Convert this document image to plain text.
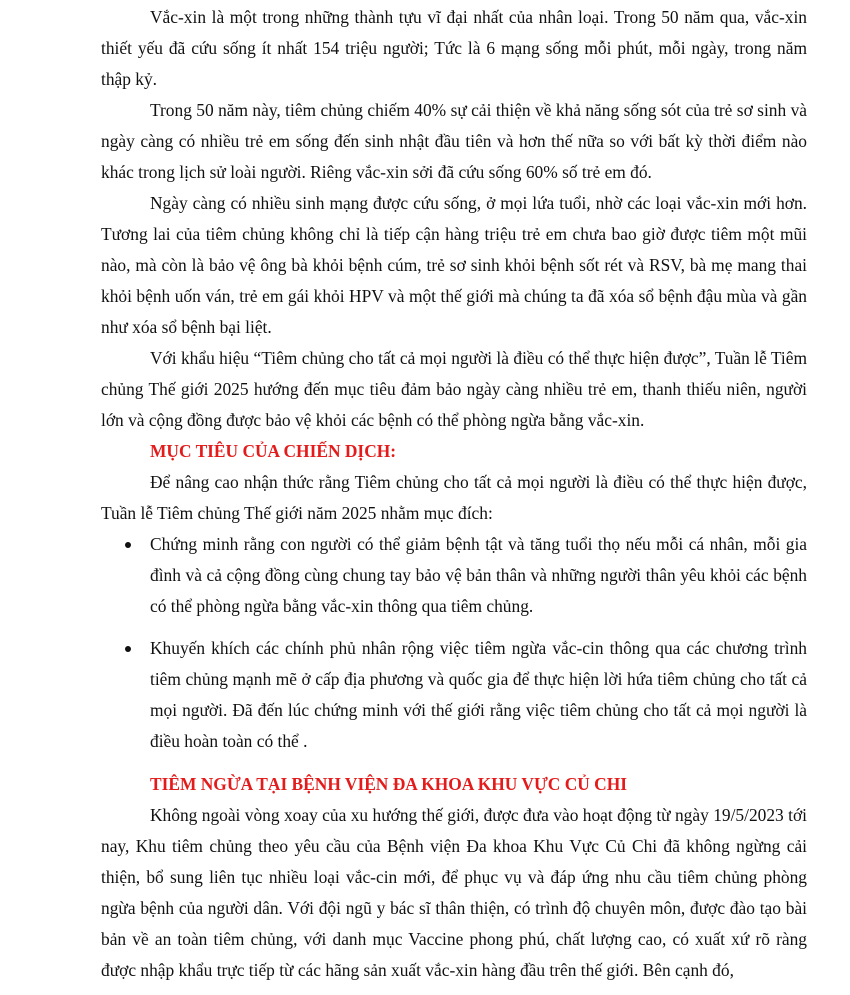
Vắc-xin là một trong những thành tựu vĩ đại nhất của nhân loại. Trong 50 năm qua, vắc-xin thiết yếu đã cứu sống ít nhất 154 triệu người; Tức là 6 mạng sống mỗi phút, mỗi ngày, trong năm thập kỷ.

Trong 50 năm này, tiêm chủng chiếm 40% sự cải thiện về khả năng sống sót của trẻ sơ sinh và ngày càng có nhiều trẻ em sống đến sinh nhật đầu tiên và hơn thế nữa so với bất kỳ thời điểm nào khác trong lịch sử loài người. Riêng vắc-xin sởi đã cứu sống 60% số trẻ em đó.

Ngày càng có nhiều sinh mạng được cứu sống, ở mọi lứa tuổi, nhờ các loại vắc-xin mới hơn. Tương lai của tiêm chủng không chỉ là tiếp cận hàng triệu trẻ em chưa bao giờ được tiêm một mũi nào, mà còn là bảo vệ ông bà khỏi bệnh cúm, trẻ sơ sinh khỏi bệnh sốt rét và RSV, bà mẹ mang thai khỏi bệnh uốn ván, trẻ em gái khỏi HPV và một thế giới mà chúng ta đã xóa sổ bệnh đậu mùa và gần như xóa sổ bệnh bại liệt.

Với khẩu hiệu “Tiêm chủng cho tất cả mọi người là điều có thể thực hiện được”, Tuần lễ Tiêm chủng Thế giới 2025 hướng đến mục tiêu đảm bảo ngày càng nhiều trẻ em, thanh thiếu niên, người lớn và cộng đồng được bảo vệ khỏi các bệnh có thể phòng ngừa bằng vắc-xin.

MỤC TIÊU CỦA CHIẾN DỊCH:

Để nâng cao nhận thức rằng Tiêm chủng cho tất cả mọi người là điều có thể thực hiện được, Tuần lễ Tiêm chủng Thế giới năm 2025 nhằm mục đích:

Chứng minh rằng con người có thể giảm bệnh tật và tăng tuổi thọ nếu mỗi cá nhân, mỗi gia đình và cả cộng đồng cùng chung tay bảo vệ bản thân và những người thân yêu khỏi các bệnh có thể phòng ngừa bằng vắc-xin thông qua tiêm chủng.

Khuyến khích các chính phủ nhân rộng việc tiêm ngừa vắc-cin thông qua các chương trình tiêm chủng mạnh mẽ ở cấp địa phương và quốc gia để thực hiện lời hứa tiêm chủng cho tất cả mọi người. Đã đến lúc chứng minh với thế giới rằng việc tiêm chủng cho tất cả mọi người là điều hoàn toàn có thể .

TIÊM NGỪA TẠI BỆNH VIỆN ĐA KHOA KHU VỰC CỦ CHI

Không ngoài vòng xoay của xu hướng thế giới, được đưa vào hoạt động từ ngày 19/5/2023 tới nay, Khu tiêm chủng theo yêu cầu của Bệnh viện Đa khoa Khu Vực Củ Chi đã không ngừng cải thiện, bổ sung liên tục nhiều loại vắc-cin mới, để phục vụ và đáp ứng nhu cầu tiêm chủng phòng ngừa bệnh của người dân. Với đội ngũ y bác sĩ thân thiện, có trình độ chuyên môn, được đào tạo bài bản về an toàn tiêm chủng, với danh mục Vaccine phong phú, chất lượng cao, có xuất xứ rõ ràng được nhập khẩu trực tiếp từ các hãng sản xuất vắc-xin hàng đầu trên thế giới. Bên cạnh đó,
